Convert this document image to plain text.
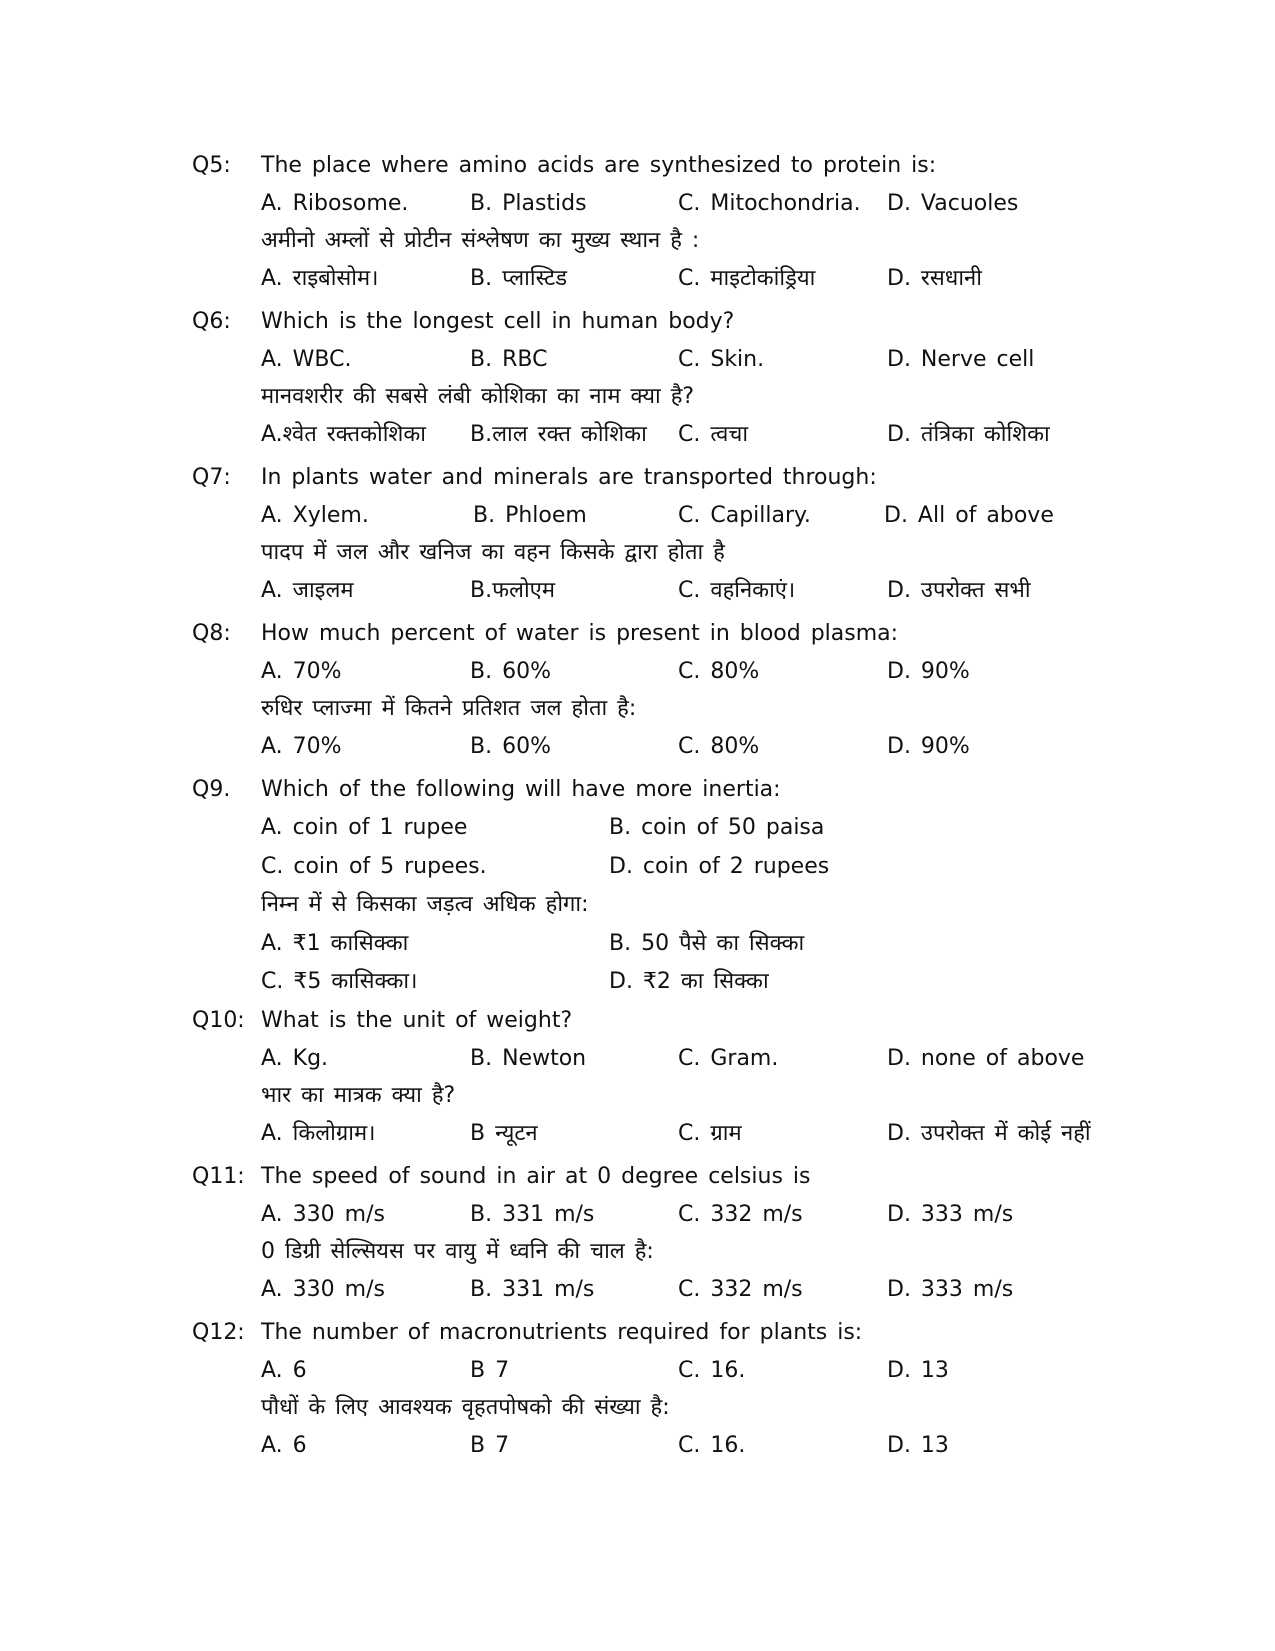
Q5: The place where amino acids are synthesized to protein is:
A. Ribosome.	B. Plastids	C. Mitochondria. D. Vacuoles
अमीनो अम्लों से प्रोटीन संश्लेषण का मुख्य स्थान है :
A. राइबोसोम।	B. प्लास्टिड	C. माइटोकांड्रिया	D. रसधानी
Q6: Which is the longest cell in human body?
A. WBC.	B. RBC	C. Skin.	D. Nerve cell
मानवशरीर की सबसे लंबी कोशिका का नाम क्या है?
A.श्वेत रक्तकोशिका B.लाल रक्त कोशिका C. त्वचा	D. तंत्रिका कोशिका
Q7: In plants water and minerals are transported through:
A. Xylem.	B. Phloem	C. Capillary.	D. All of above
पादप में जल और खनिज का वहन किसके द्वारा होता है
A. जाइलम	B.फलोएम	C. वहनिकाएं।	D. उपरोक्त सभी
Q8: How much percent of water is present in blood plasma:
A. 70%	B. 60%	C. 80%	D. 90%
रुधिर प्लाज्मा में कितने प्रतिशत जल होता है:
A. 70%	B. 60%	C. 80%	D. 90%
Q9. Which of the following will have more inertia:
A. coin of 1 rupee	B. coin of 50 paisa
C. coin of 5 rupees.	D. coin of 2 rupees
निम्न में से किसका जड़त्व अधिक होगा:
A. ₹1 कासिक्का	B. 50 पैसे का सिक्का
C. ₹5 कासिक्का।	D. ₹2 का सिक्का
Q10: What is the unit of weight?
A. Kg.	B. Newton	C. Gram.	D. none of above
भार का मात्रक क्या है?
A. किलोग्राम।	B न्यूटन	C. ग्राम	D. उपरोक्त में कोई नहीं
Q11: The speed of sound in air at 0 degree celsius is
A. 330 m/s	B. 331 m/s	C. 332 m/s	D. 333 m/s
0 डिग्री सेल्सियस पर वायु में ध्वनि की चाल है:
A. 330 m/s	B. 331 m/s	C. 332 m/s	D. 333 m/s
Q12: The number of macronutrients required for plants is:
A. 6	B 7	C. 16.	D. 13
पौधों के लिए आवश्यक वृहतपोषको की संख्या है:
A. 6	B 7	C. 16.	D. 13
